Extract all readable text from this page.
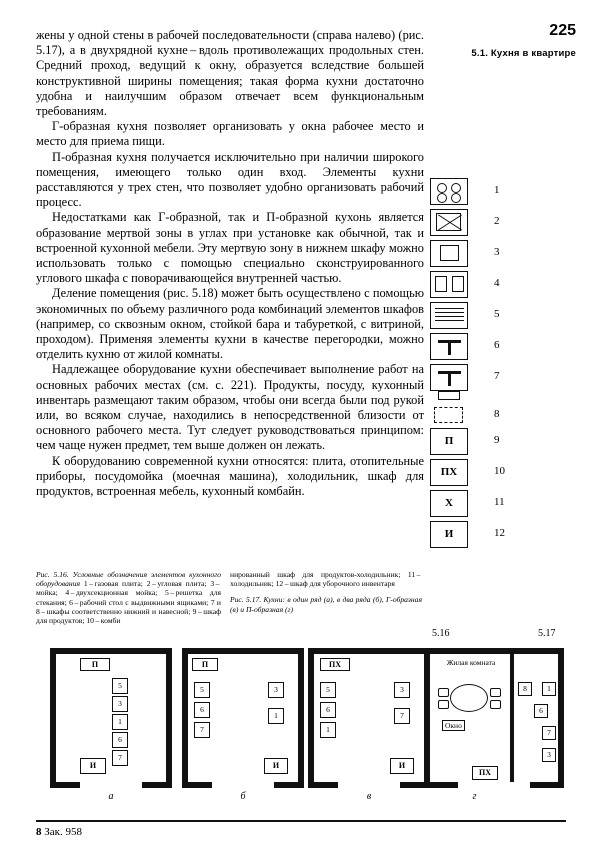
225
5.1. Кухня в квартире

жены у одной стены в рабочей последовательности (справа налево) (рис. 5.17), а в двухрядной кухне – вдоль противолежащих продольных стен. Средний проход, ведущий к окну, образуется вследствие большей конструктивной ширины помещения; такая форма кухни достаточно удобна и наилучшим образом отвечает всем функциональным требованиям.

Г-образная кухня позволяет организовать у окна рабочее место и место для приема пищи.

П-образная кухня получается исключительно при наличии широкого помещения, имеющего только один вход. Элементы кухни расставляются у трех стен, что позволяет удобно организовать рабочий процесс.

Недостатками как Г-образной, так и П-образной кухонь является образование мертвой зоны в углах при установке как обычной, так и встроенной кухонной мебели. Эту мертвую зону в нижнем шкафу можно использовать только с помощью специально сконструированного углового шкафа с поворачивающейся внутренней частью.

Деление помещения (рис. 5.18) может быть осуществлено с помощью экономичных по объему различного рода комбинаций элементов шкафов (например, со сквозным окном, стойкой бара и табуреткой, с витриной, проходом). Применяя элементы кухни в качестве перегородки, можно отделить кухню от жилой комнаты.

Надлежащее оборудование кухни обеспечивает выполнение работ на основных рабочих местах (см. с. 221). Продукты, посуду, кухонный инвентарь размещают таким образом, чтобы они всегда были под рукой или, во всяком случае, находились в непосредственной близости от основного рабочего места. Тут следует руководствоваться принципом: чем чаще нужен предмет, тем выше должен он лежать.

К оборудованию современной кухни относятся: плита, отопительные приборы, посудомойка (моечная машина), холодильник, шкаф для продуктов, встроенная мебель, кухонный комбайн.

1
2
3
4
5
6
7
8
П	9
ПХ	10
Х	11
И	12
Рис. 5.16. Условные обозначения элементов кухонного оборудования 1 – газовая плита; 2 – угловая плита; 3 – мойка; 4 – двухсекционная мойка; 5 – решетка для стекания; 6 – рабочий стол с выдвижными ящиками; 7 и 8 – шкафы соответственно нижний и навесной; 9 – шкаф для продуктов; 10 – комби
нированный шкаф для продуктов-холодильник; 11 – холодильник; 12 – шкаф для уборочного инвентаря
Рис. 5.17. Кухни: в один ряд (а), в два ряда (б), Г-образная (в) и П-образная (г)
5.16	5.17
П
5
3
1
6
7
И
а
П
5
6
7
3
1
И
б
ПХ
5
6
1
3
7
И
в
Жилая комната
Окно
8	1
6
7
3
ПХ
г
8 Зак. 958
